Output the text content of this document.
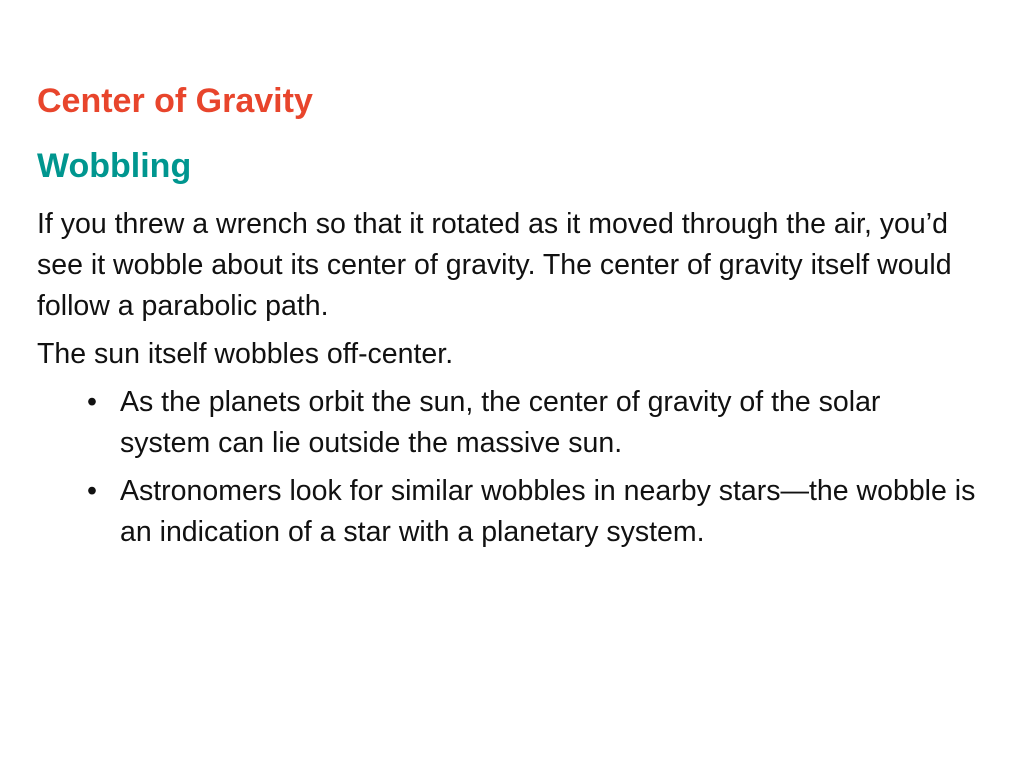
Center of Gravity
Wobbling

If you threw a wrench so that it rotated as it moved through the air, you’d see it wobble about its center of gravity. The center of gravity itself would follow a parabolic path.

The sun itself wobbles off-center.

• As the planets orbit the sun, the center of gravity of the solar system can lie outside the massive sun.
• Astronomers look for similar wobbles in nearby stars—the wobble is an indication of a star with a planetary system.
